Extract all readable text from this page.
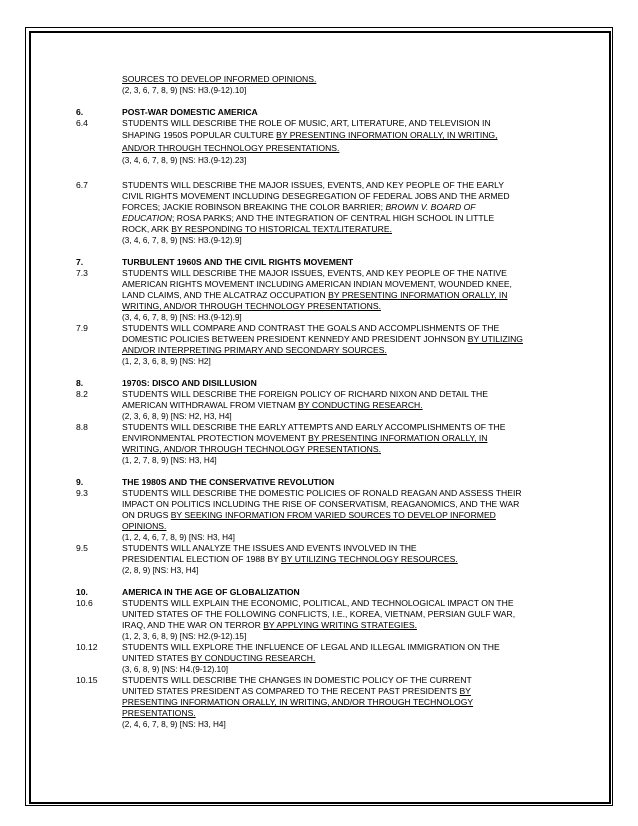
SOURCES TO DEVELOP INFORMED OPINIONS.
(2, 3, 6, 7, 8, 9) [NS: H3.(9-12).10]
6.	POST-WAR DOMESTIC AMERICA
6.4	STUDENTS WILL DESCRIBE THE ROLE OF MUSIC, ART, LITERATURE, AND TELEVISION IN
SHAPING 1950S POPULAR CULTURE BY PRESENTING INFORMATION ORALLY, IN WRITING,
AND/OR THROUGH TECHNOLOGY PRESENTATIONS.
(3, 4, 6, 7, 8, 9) [NS: H3.(9-12).23]
6.7	STUDENTS WILL DESCRIBE THE MAJOR ISSUES, EVENTS, AND KEY PEOPLE OF THE EARLY
CIVIL RIGHTS MOVEMENT INCLUDING DESEGREGATION OF FEDERAL JOBS AND THE ARMED
FORCES; JACKIE ROBINSON BREAKING THE COLOR BARRIER; BROWN V. BOARD OF
EDUCATION; ROSA PARKS; AND THE INTEGRATION OF CENTRAL HIGH SCHOOL IN LITTLE
ROCK, ARK BY RESPONDING TO HISTORICAL TEXT/LITERATURE.
(3, 4, 6, 7, 8, 9) [NS: H3.(9-12).9]
7.	TURBULENT 1960S AND THE CIVIL RIGHTS MOVEMENT
7.3	STUDENTS WILL DESCRIBE THE MAJOR ISSUES, EVENTS, AND KEY PEOPLE OF THE NATIVE
AMERICAN RIGHTS MOVEMENT INCLUDING AMERICAN INDIAN MOVEMENT, WOUNDED KNEE,
LAND CLAIMS, AND THE ALCATRAZ OCCUPATION BY PRESENTING INFORMATION ORALLY, IN
WRITING, AND/OR THROUGH TECHNOLOGY PRESENTATIONS.
(3, 4, 6, 7, 8, 9) [NS: H3.(9-12).9]
7.9	STUDENTS WILL COMPARE AND CONTRAST THE GOALS AND ACCOMPLISHMENTS OF THE
DOMESTIC POLICIES BETWEEN PRESIDENT KENNEDY AND PRESIDENT JOHNSON BY UTILIZING
AND/OR INTERPRETING PRIMARY AND SECONDARY SOURCES.
(1, 2, 3, 6, 8, 9) [NS: H2]
8.	1970S: DISCO AND DISILLUSION
8.2	STUDENTS WILL DESCRIBE THE FOREIGN POLICY OF RICHARD NIXON AND DETAIL THE
AMERICAN WITHDRAWAL FROM VIETNAM BY CONDUCTING RESEARCH.
(2, 3, 6, 8, 9) [NS: H2, H3, H4]
8.8	STUDENTS WILL DESCRIBE THE EARLY ATTEMPTS AND EARLY ACCOMPLISHMENTS OF THE
ENVIRONMENTAL PROTECTION MOVEMENT BY PRESENTING INFORMATION ORALLY, IN
WRITING, AND/OR THROUGH TECHNOLOGY PRESENTATIONS.
(1, 2, 7, 8, 9) [NS: H3, H4]
9.	THE 1980S AND THE CONSERVATIVE REVOLUTION
9.3	STUDENTS WILL DESCRIBE THE DOMESTIC POLICIES OF RONALD REAGAN AND ASSESS THEIR
IMPACT ON POLITICS INCLUDING THE RISE OF CONSERVATISM, REAGANOMICS, AND THE WAR
ON DRUGS BY SEEKING INFORMATION FROM VARIED SOURCES TO DEVELOP INFORMED
OPINIONS.
(1, 2, 4, 6, 7, 8, 9) [NS: H3, H4]
9.5	STUDENTS WILL ANALYZE THE ISSUES AND EVENTS INVOLVED IN THE
PRESIDENTIAL ELECTION OF 1988 BY BY UTILIZING TECHNOLOGY RESOURCES.
(2, 8, 9) [NS: H3, H4]
10.	AMERICA IN THE AGE OF GLOBALIZATION
10.6	STUDENTS WILL EXPLAIN THE ECONOMIC, POLITICAL, AND TECHNOLOGICAL IMPACT ON THE
UNITED STATES OF THE FOLLOWING CONFLICTS, I.E., KOREA, VIETNAM, PERSIAN GULF WAR,
IRAQ, AND THE WAR ON TERROR BY APPLYING WRITING STRATEGIES.
(1, 2, 3, 6, 8, 9) [NS: H2.(9-12).15]
10.12	STUDENTS WILL EXPLORE THE INFLUENCE OF LEGAL AND ILLEGAL IMMIGRATION ON THE
UNITED STATES BY CONDUCTING RESEARCH.
(3, 6, 8, 9) [NS: H4.(9-12).10]
10.15	STUDENTS WILL DESCRIBE THE CHANGES IN DOMESTIC POLICY OF THE CURRENT
UNITED STATES PRESIDENT AS COMPARED TO THE RECENT PAST PRESIDENTS BY
PRESENTING INFORMATION ORALLY, IN WRITING, AND/OR THROUGH TECHNOLOGY
PRESENTATIONS.
(2, 4, 6, 7, 8, 9) [NS: H3, H4]
